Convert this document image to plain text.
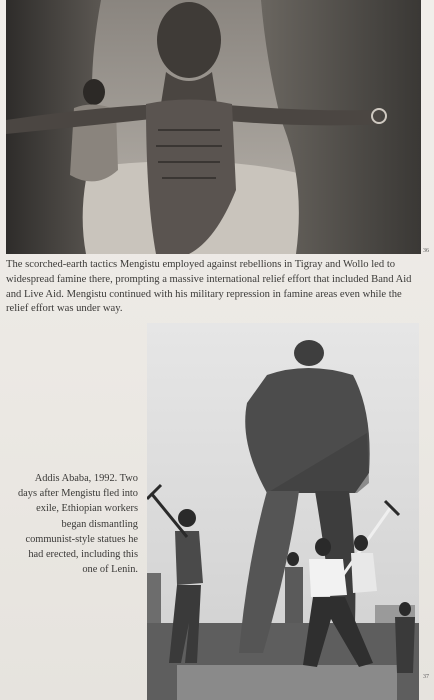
36
The scorched-earth tactics Mengistu employed against rebellions in Tigray and Wollo led to widespread famine there, prompting a massive international relief effort that included Band Aid and Live Aid. Mengistu continued with his military repression in famine areas even while the relief effort was under way.
Addis Ababa, 1992. Two days after Mengistu fled into exile, Ethiopian workers began dismantling communist-style statues he had erected, including this one of Lenin.
37
